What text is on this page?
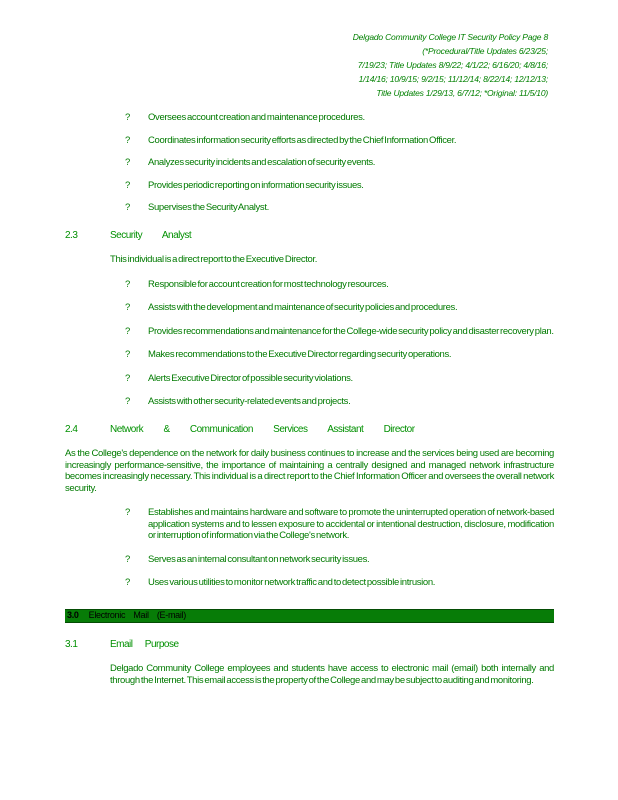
Delgado Community College IT Security Policy Page 8
(*Procedural/Title Updates 6/23/25;
7/19/23; Title Updates 8/9/22; 4/1/22; 6/16/20; 4/8/16;
1/14/16; 10/9/15; 9/2/15; 11/12/14; 8/22/14; 12/12/13;
Title Updates 1/29/13, 6/7/12; *Original: 11/5/10)
?	Oversees account creation and maintenance procedures.
?	Coordinates information security efforts as directed by the Chief Information Officer.
?	Analyzes security incidents and escalation of security events.
?	Provides periodic reporting on information security issues.
?	Supervises the Security Analyst.
2.3	Security Analyst

This individual is a direct report to the Executive Director.

?	Responsible for account creation for most technology resources.
?	Assists with the development and maintenance of security policies and procedures.
?	Provides recommendations and maintenance for the College-wide security policy and disaster recovery plan.
?	Makes recommendations to the Executive Director regarding security operations.
?	Alerts Executive Director of possible security violations.
?	Assists with other security-related events and projects.
2.4	Network & Communication Services Assistant Director

As the College's dependence on the network for daily business continues to increase and the services being used are becoming increasingly performance-sensitive, the importance of maintaining a centrally designed and managed network infrastructure becomes increasingly necessary. This individual is a direct report to the Chief Information Officer and oversees the overall network security.

?	Establishes and maintains hardware and software to promote the uninterrupted operation of network-based application systems and to lessen exposure to accidental or intentional destruction, disclosure, modification or interruption of information via the College's network.
?	Serves as an internal consultant on network security issues.
?	Uses various utilities to monitor network traffic and to detect possible intrusion.
3.0 Electronic Mail (E-mail)
3.1	Email Purpose

Delgado Community College employees and students have access to electronic mail (email) both internally and through the Internet. This email access is the property of the College and may be subject to auditing and monitoring.
